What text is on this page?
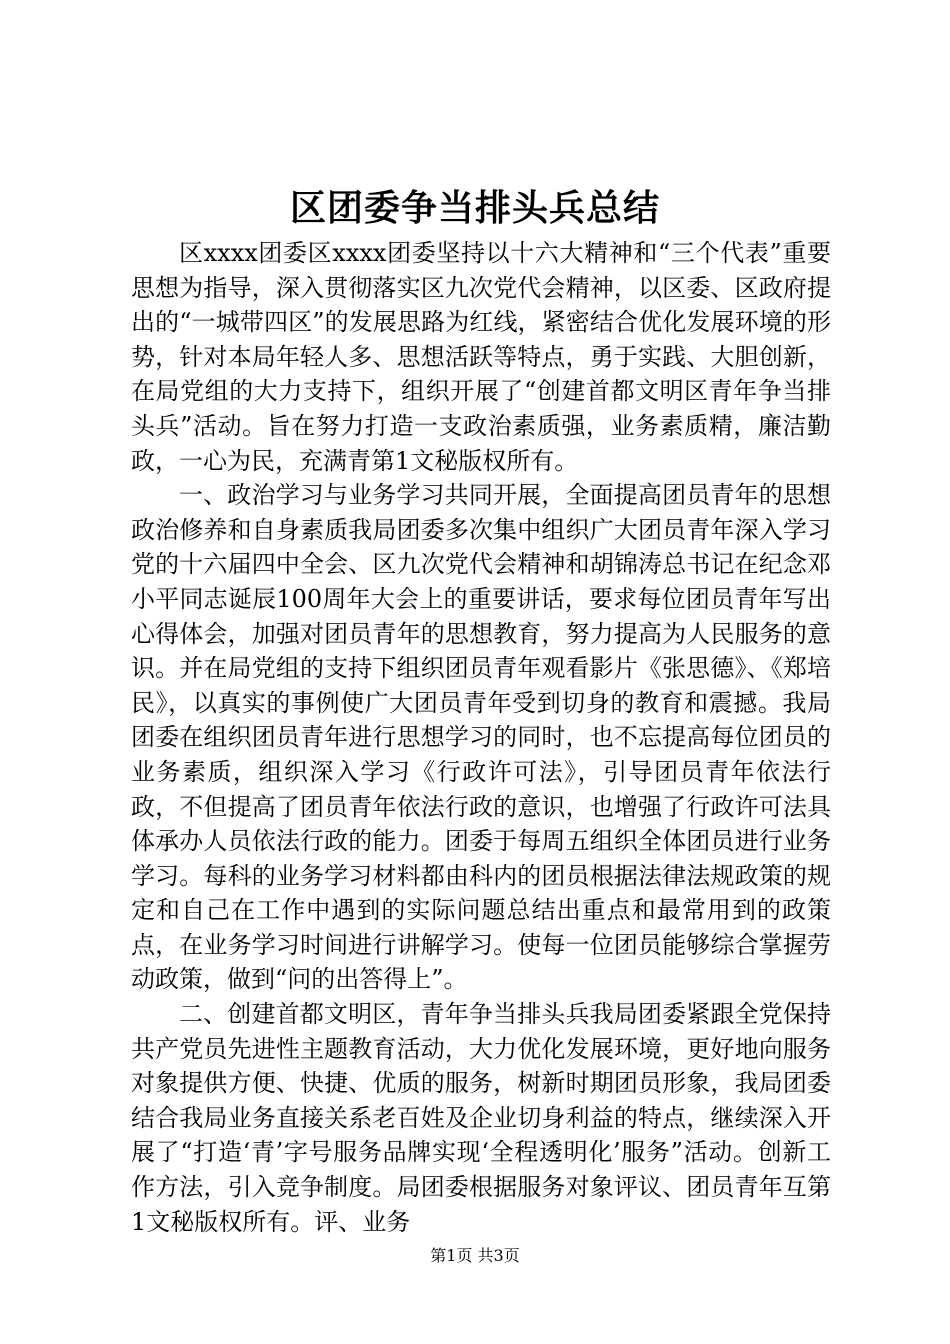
区团委争当排头兵总结

区xxxx团委区xxxx团委坚持以十六大精神和“三个代表”重要思想为指导，深入贯彻落实区九次党代会精神，以区委、区政府提出的“一城带四区”的发展思路为红线，紧密结合优化发展环境的形势，针对本局年轻人多、思想活跃等特点，勇于实践、大胆创新，在局党组的大力支持下，组织开展了“创建首都文明区青年争当排头兵”活动。旨在努力打造一支政治素质强，业务素质精，廉洁勤政，一心为民，充满青第1文秘版权所有。

一、政治学习与业务学习共同开展，全面提高团员青年的思想政治修养和自身素质我局团委多次集中组织广大团员青年深入学习党的十六届四中全会、区九次党代会精神和胡锦涛总书记在纪念邓小平同志诞辰100周年大会上的重要讲话，要求每位团员青年写出心得体会，加强对团员青年的思想教育，努力提高为人民服务的意识。并在局党组的支持下组织团员青年观看影片《张思德》、《郑培民》，以真实的事例使广大团员青年受到切身的教育和震撼。我局团委在组织团员青年进行思想学习的同时，也不忘提高每位团员的业务素质，组织深入学习《行政许可法》，引导团员青年依法行政，不但提高了团员青年依法行政的意识，也增强了行政许可法具体承办人员依法行政的能力。团委于每周五组织全体团员进行业务学习。每科的业务学习材料都由科内的团员根据法律法规政策的规定和自己在工作中遇到的实际问题总结出重点和最常用到的政策点，在业务学习时间进行讲解学习。使每一位团员能够综合掌握劳动政策，做到“问的出答得上”。

二、创建首都文明区，青年争当排头兵我局团委紧跟全党保持共产党员先进性主题教育活动，大力优化发展环境，更好地向服务对象提供方便、快捷、优质的服务，树新时期团员形象，我局团委结合我局业务直接关系老百姓及企业切身利益的特点，继续深入开展了“打造‘青’字号服务品牌实现‘全程透明化’服务”活动。创新工作方法，引入竞争制度。局团委根据服务对象评议、团员青年互第1文秘版权所有。评、业务

第1页 共3页
